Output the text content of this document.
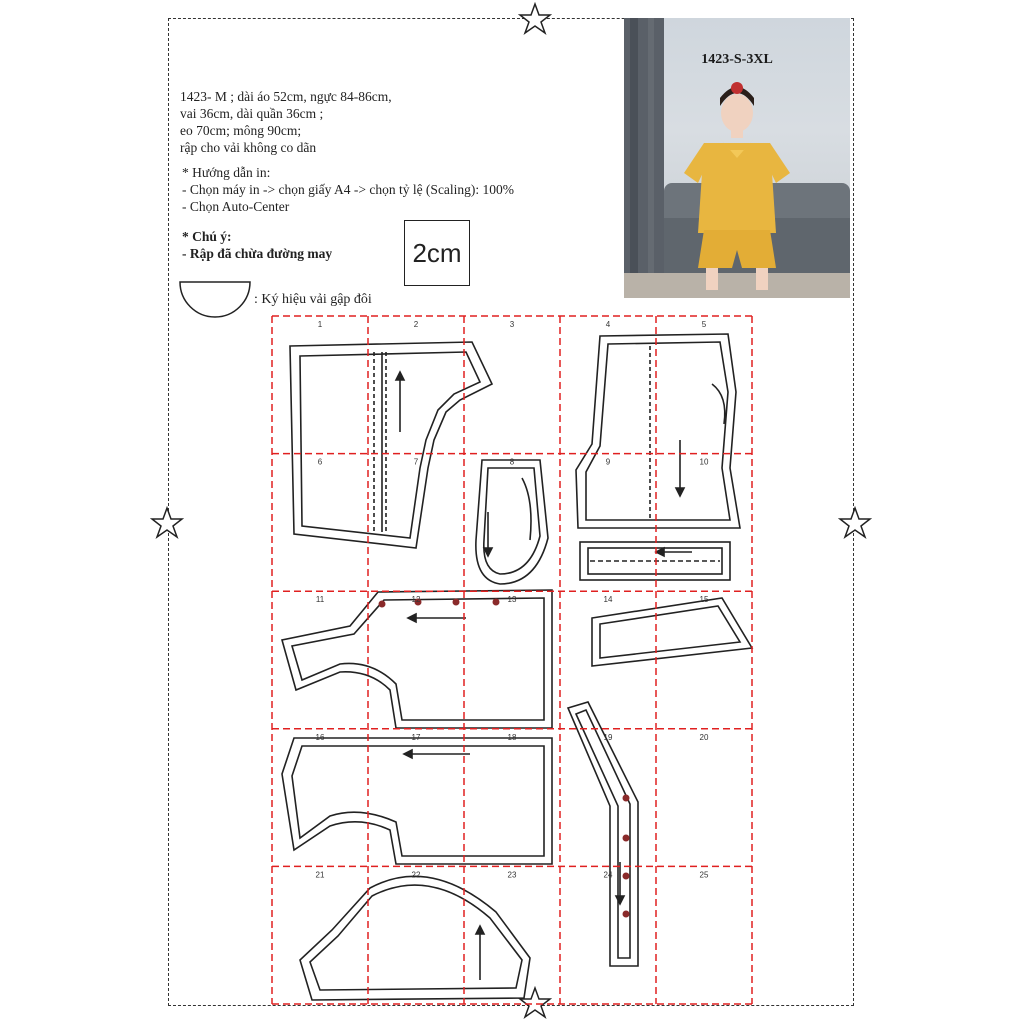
1423- M ; dài áo 52cm, ngực 84-86cm,
vai 36cm, dài quần 36cm ;
eo 70cm; mông 90cm;
rập cho vải không co dãn
* Hướng dẫn in:
- Chọn máy in -> chọn giấy A4 -> chọn tỷ lệ (Scaling): 100%
- Chọn Auto-Center
* Chú ý:
- Rập đã chừa đường may	2cm
: Ký hiệu vải gập đôi
1423-S-3XL
1	2	3	4	5
6	7	8	9	10
11	12	13	14	15
16	17	18	19	20
21	22	23	24	25
